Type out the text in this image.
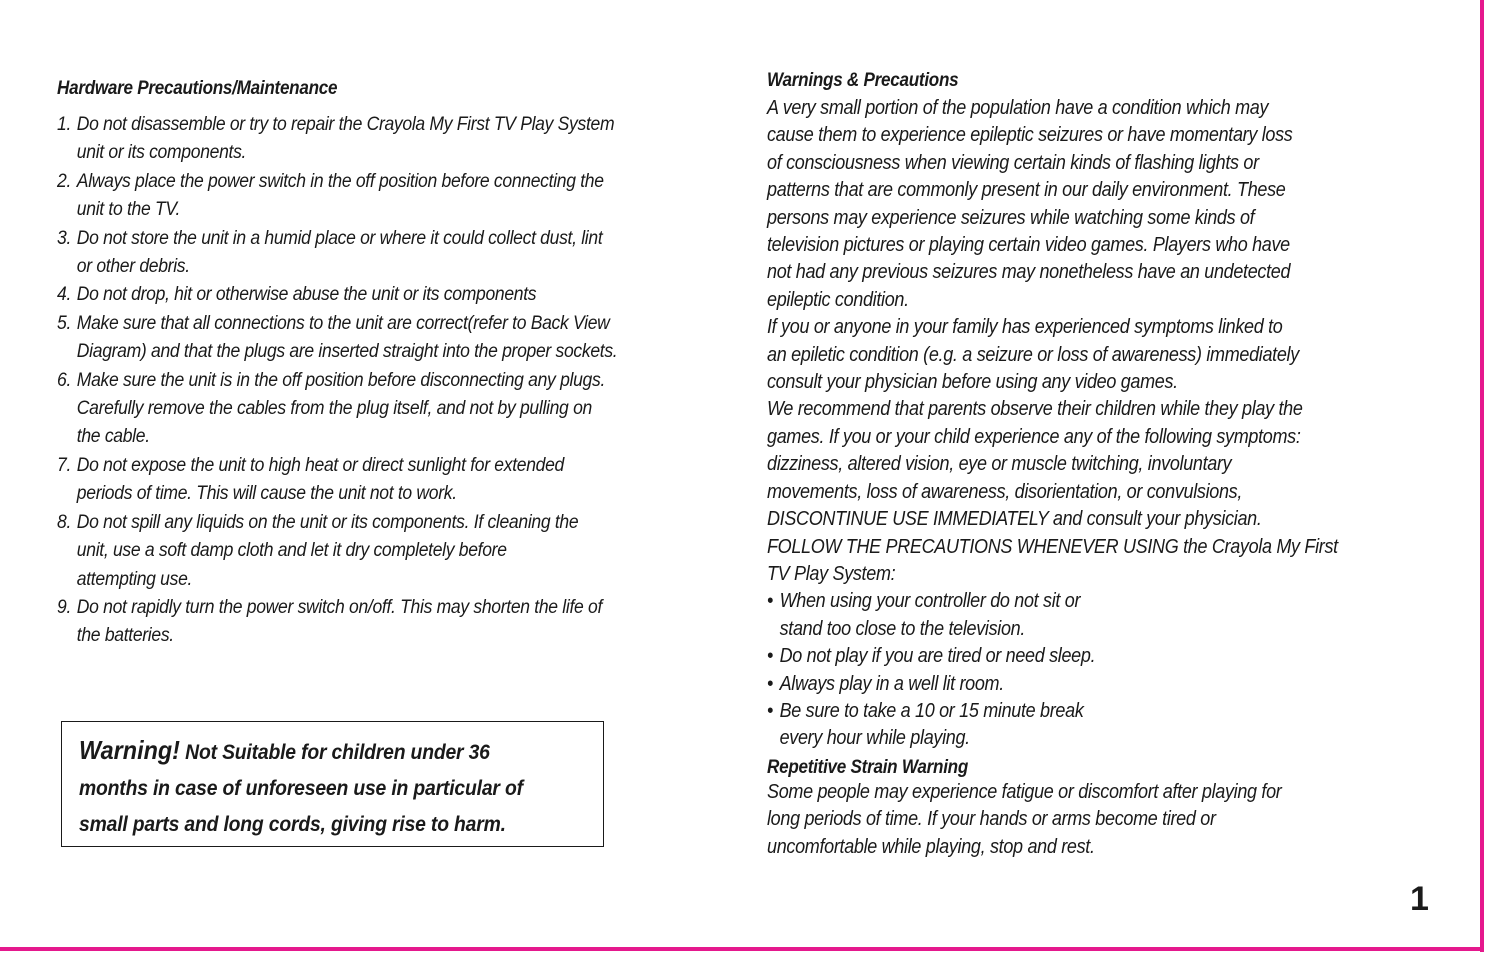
Hardware Precautions/Maintenance
1. Do not disassemble or try to repair the Crayola My First TV Play System
unit or its components.
2. Always place the power switch in the off position before connecting the
unit to the TV.
3. Do not store the unit in a humid place or where it could collect dust, lint
or other debris.
4. Do not drop, hit or otherwise abuse the unit or its components
5. Make sure that all connections to the unit are correct(refer to Back View
Diagram) and that the plugs are inserted straight into the proper sockets.
6. Make sure the unit is in the off position before disconnecting any plugs.
Carefully remove the cables from the plug itself, and not by pulling on
the cable.
7. Do not expose the unit to high heat or direct sunlight for extended
periods of time. This will cause the unit not to work.
8. Do not spill any liquids on the unit or its components. If cleaning the
unit, use a soft damp cloth and let it dry completely before
attempting use.
9. Do not rapidly turn the power switch on/off. This may shorten the life of
the batteries.
Warning! Not Suitable for children under 36
months in case of unforeseen use in particular of
small parts and long cords, giving rise to harm.
Warnings & Precautions
A very small portion of the population have a condition which may
cause them to experience epileptic seizures or have momentary loss
of consciousness when viewing certain kinds of flashing lights or
patterns that are commonly present in our daily environment. These
persons may experience seizures while watching some kinds of
television pictures or playing certain video games. Players who have
not had any previous seizures may nonetheless have an undetected
epileptic condition.
If you or anyone in your family has experienced symptoms linked to
an epiletic condition (e.g. a seizure or loss of awareness) immediately
consult your physician before using any video games.
We recommend that parents observe their children while they play the
games. If you or your child experience any of the following symptoms:
dizziness, altered vision, eye or muscle twitching, involuntary
movements, loss of awareness, disorientation, or convulsions,
DISCONTINUE USE IMMEDIATELY and consult your physician.
FOLLOW THE PRECAUTIONS WHENEVER USING the Crayola My First
TV Play System:
• When using your controller do not sit or
stand too close to the television.
• Do not play if you are tired or need sleep.
• Always play in a well lit room.
• Be sure to take a 10 or 15 minute break
every hour while playing.
Repetitive Strain Warning
Some people may experience fatigue or discomfort after playing for
long periods of time. If your hands or arms become tired or
uncomfortable while playing, stop and rest.
1
